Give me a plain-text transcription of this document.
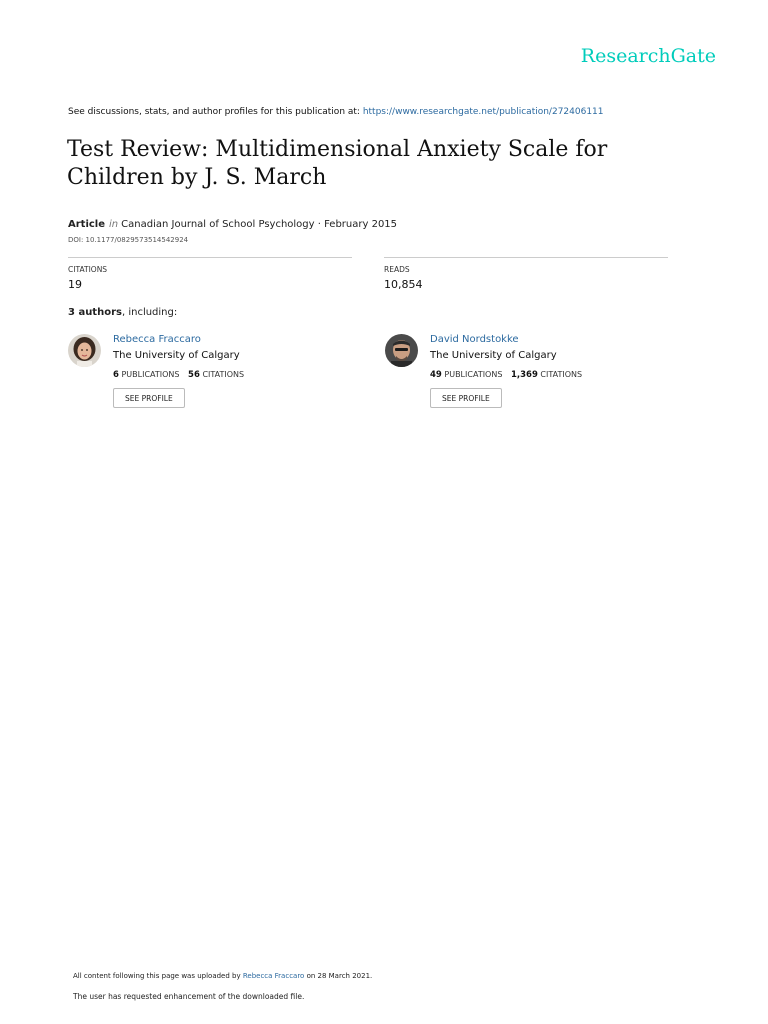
ResearchGate
See discussions, stats, and author profiles for this publication at: https://www.researchgate.net/publication/272406111
Test Review: Multidimensional Anxiety Scale for Children by J. S. March
Article in Canadian Journal of School Psychology · February 2015
DOI: 10.1177/0829573514542924
CITATIONS
19
READS
10,854
3 authors, including:
Rebecca Fraccaro
The University of Calgary
6 PUBLICATIONS 56 CITATIONS
SEE PROFILE
David Nordstokke
The University of Calgary
49 PUBLICATIONS 1,369 CITATIONS
SEE PROFILE
All content following this page was uploaded by Rebecca Fraccaro on 28 March 2021.
The user has requested enhancement of the downloaded file.
